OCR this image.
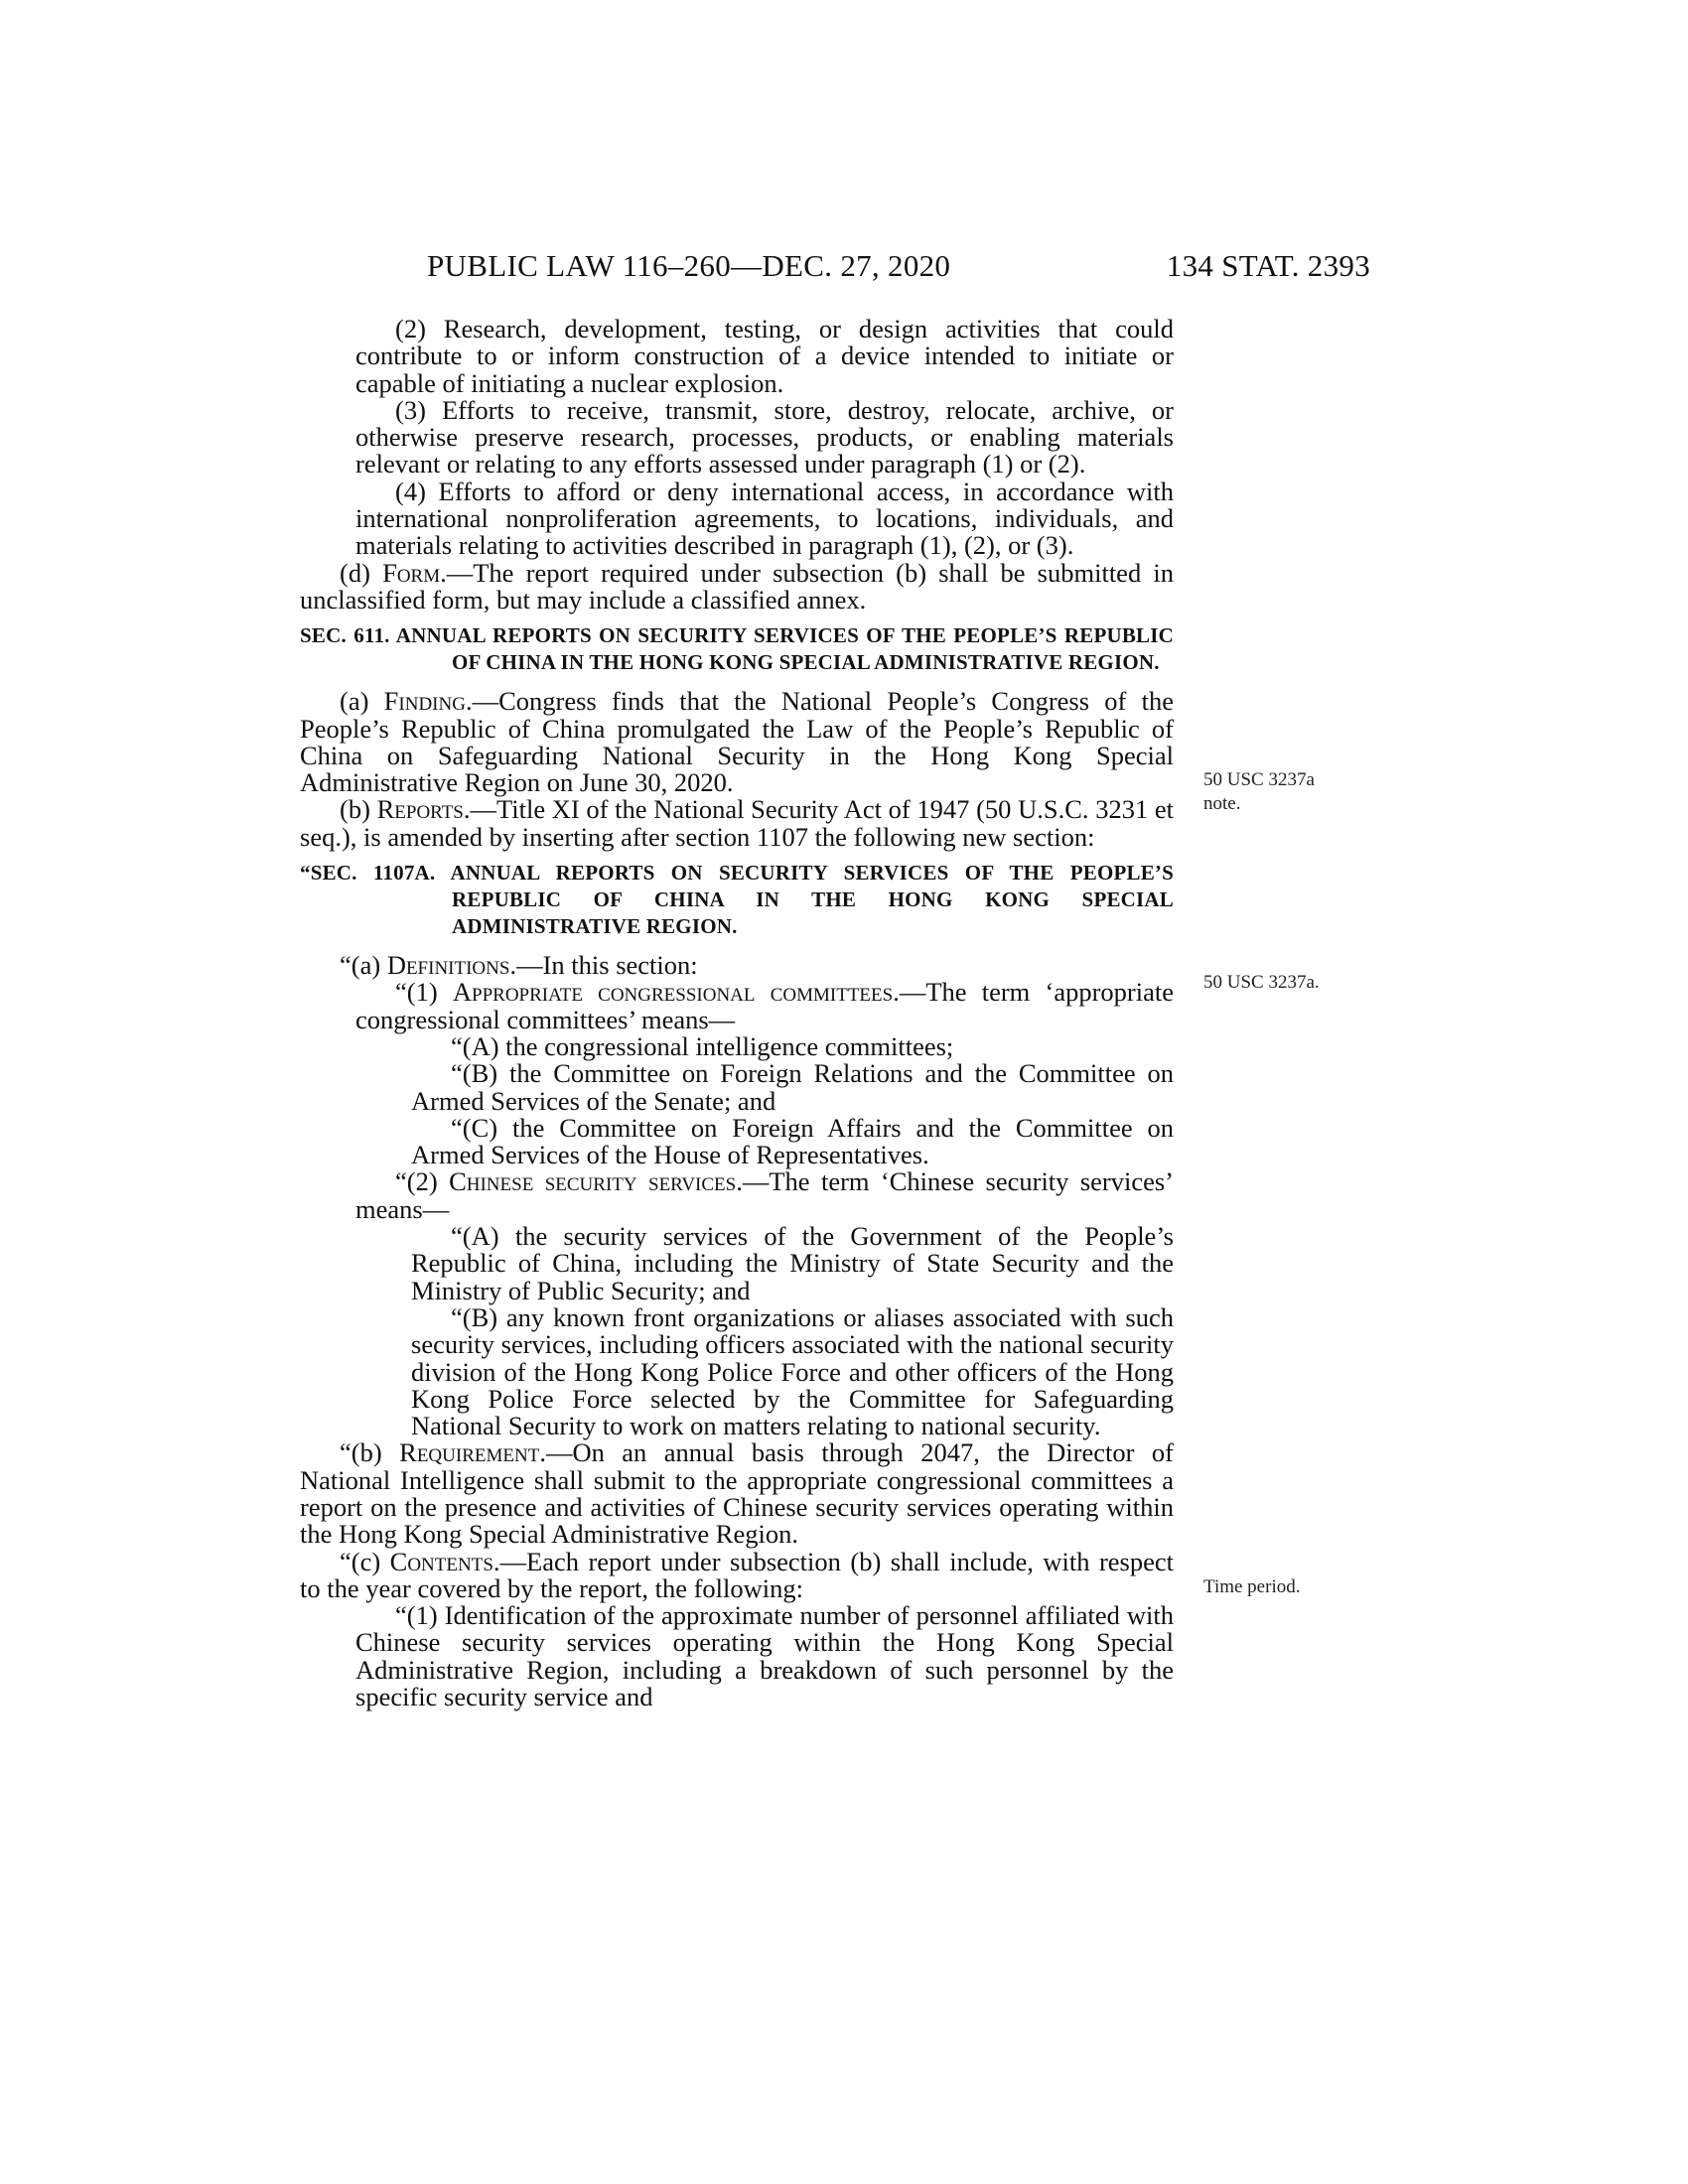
PUBLIC LAW 116–260—DEC. 27, 2020	134 STAT. 2393

(2) Research, development, testing, or design activities that could contribute to or inform construction of a device intended to initiate or capable of initiating a nuclear explosion.

(3) Efforts to receive, transmit, store, destroy, relocate, archive, or otherwise preserve research, processes, products, or enabling materials relevant or relating to any efforts assessed under paragraph (1) or (2).

(4) Efforts to afford or deny international access, in accordance with international nonproliferation agreements, to locations, individuals, and materials relating to activities described in paragraph (1), (2), or (3).

(d) Form.—The report required under subsection (b) shall be submitted in unclassified form, but may include a classified annex.

SEC. 611. ANNUAL REPORTS ON SECURITY SERVICES OF THE PEOPLE’S REPUBLIC OF CHINA IN THE HONG KONG SPECIAL ADMINISTRATIVE REGION.

(a) Finding.—Congress finds that the National People’s Congress of the People’s Republic of China promulgated the Law of the People’s Republic of China on Safeguarding National Security in the Hong Kong Special Administrative Region on June 30, 2020.

(b) Reports.—Title XI of the National Security Act of 1947 (50 U.S.C. 3231 et seq.), is amended by inserting after section 1107 the following new section:

“SEC. 1107A. ANNUAL REPORTS ON SECURITY SERVICES OF THE PEOPLE’S REPUBLIC OF CHINA IN THE HONG KONG SPECIAL ADMINISTRATIVE REGION.

“(a) Definitions.—In this section:

“(1) Appropriate congressional committees.—The term ‘appropriate congressional committees’ means—

“(A) the congressional intelligence committees;

“(B) the Committee on Foreign Relations and the Committee on Armed Services of the Senate; and

“(C) the Committee on Foreign Affairs and the Committee on Armed Services of the House of Representatives.

“(2) Chinese security services.—The term ‘Chinese security services’ means—

“(A) the security services of the Government of the People’s Republic of China, including the Ministry of State Security and the Ministry of Public Security; and

“(B) any known front organizations or aliases associated with such security services, including officers associated with the national security division of the Hong Kong Police Force and other officers of the Hong Kong Police Force selected by the Committee for Safeguarding National Security to work on matters relating to national security.

“(b) Requirement.—On an annual basis through 2047, the Director of National Intelligence shall submit to the appropriate congressional committees a report on the presence and activities of Chinese security services operating within the Hong Kong Special Administrative Region.

“(c) Contents.—Each report under subsection (b) shall include, with respect to the year covered by the report, the following:

“(1) Identification of the approximate number of personnel affiliated with Chinese security services operating within the Hong Kong Special Administrative Region, including a breakdown of such personnel by the specific security service and

50 USC 3237a note.
50 USC 3237a.
Time period.
